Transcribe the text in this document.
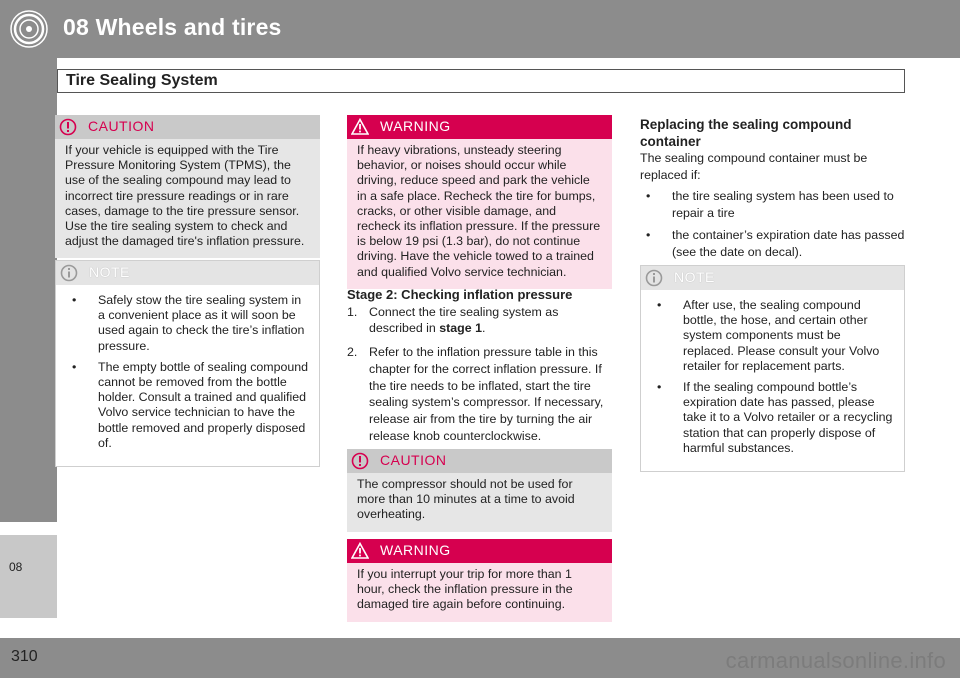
08 Wheels and tires
08
Tire Sealing System
CAUTION
If your vehicle is equipped with the Tire Pressure Monitoring System (TPMS), the use of the sealing compound may lead to incorrect tire pressure readings or in rare cases, damage to the tire pressure sensor. Use the tire sealing system to check and adjust the damaged tire's inflation pressure.
NOTE
• Safely stow the tire sealing system in a convenient place as it will soon be used again to check the tire’s inflation pressure.
• The empty bottle of sealing compound cannot be removed from the bottle holder. Consult a trained and qualified Volvo service technician to have the bottle removed and properly disposed of.
WARNING
If heavy vibrations, unsteady steering behavior, or noises should occur while driving, reduce speed and park the vehicle in a safe place. Recheck the tire for bumps, cracks, or other visible damage, and recheck its inflation pressure. If the pressure is below 19 psi (1.3 bar), do not continue driving. Have the vehicle towed to a trained and qualified Volvo service technician.
Stage 2: Checking inflation pressure
1. Connect the tire sealing system as described in stage 1.
2. Refer to the inflation pressure table in this chapter for the correct inflation pressure. If the tire needs to be inflated, start the tire sealing system’s compressor. If necessary, release air from the tire by turning the air release knob counterclockwise.
CAUTION
The compressor should not be used for more than 10 minutes at a time to avoid overheating.
WARNING
If you interrupt your trip for more than 1 hour, check the inflation pressure in the damaged tire again before continuing.
Replacing the sealing compound container
The sealing compound container must be replaced if:
• the tire sealing system has been used to repair a tire
• the container’s expiration date has passed (see the date on decal).
NOTE
• After use, the sealing compound bottle, the hose, and certain other system components must be replaced. Please consult your Volvo retailer for replacement parts.
• If the sealing compound bottle’s expiration date has passed, please take it to a Volvo retailer or a recycling station that can properly dispose of harmful substances.
310	carmanualsonline.info
